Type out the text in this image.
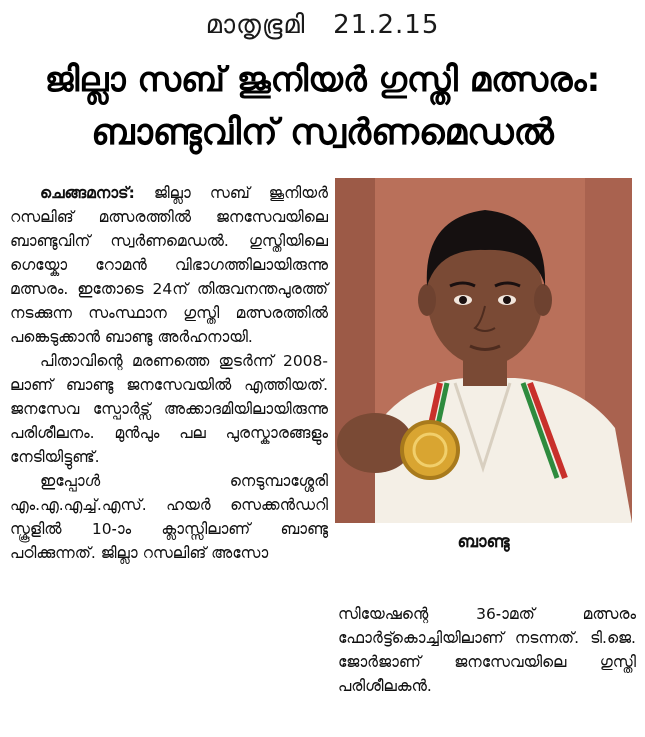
മാതൃഭൂമി 21.2.15
ജില്ലാ സബ് ജൂനിയർ ഗുസ്തി മത്സരം:
ബാണ്ടുവിന് സ്വർണമെഡൽ

ചെങ്ങമനാട്: ജില്ലാ സബ് ജൂനിയർ റസലിങ് മത്സരത്തിൽ ജനസേവയിലെ ബാണ്ടുവിന് സ്വർണമെഡൽ. ഗുസ്തിയിലെ ഗെയ്കോ റോമൻ വിഭാഗത്തിലായിരുന്നു മത്സരം. ഇതോടെ 24ന് തിരുവനന്തപുരത്ത് നടക്കുന്ന സംസ്ഥാന ഗുസ്തി മത്സരത്തിൽ പങ്കെടുക്കാൻ ബാണ്ടു അർഹനായി.

പിതാവിന്റെ മരണത്തെ തുടർന്ന് 2008-ലാണ് ബാണ്ടു ജനസേവയിൽ എത്തിയത്. ജനസേവ സ്പോർട്സ് അക്കാദമിയിലായിരുന്നു പരിശീലനം. മുൻപും പല പുരസ്കാരങ്ങളും നേടിയിട്ടുണ്ട്.

ഇപ്പോൾ നെടുമ്പാശ്ശേരി എം.എ.എച്ച്.എസ്. ഹയർ സെക്കൻഡറി സ്കൂളിൽ 10-ാം ക്ലാസ്സിലാണ് ബാണ്ടു പഠിക്കുന്നത്. ജില്ലാ റസലിങ് അസോ

ബാണ്ടു

സിയേഷന്റെ 36-ാമത് മത്സരം ഫോർട്ട്കൊച്ചിയിലാണ് നടന്നത്. ടി.ജെ. ജോർജാണ് ജനസേവയിലെ ഗുസ്തി പരിശീലകൻ.
